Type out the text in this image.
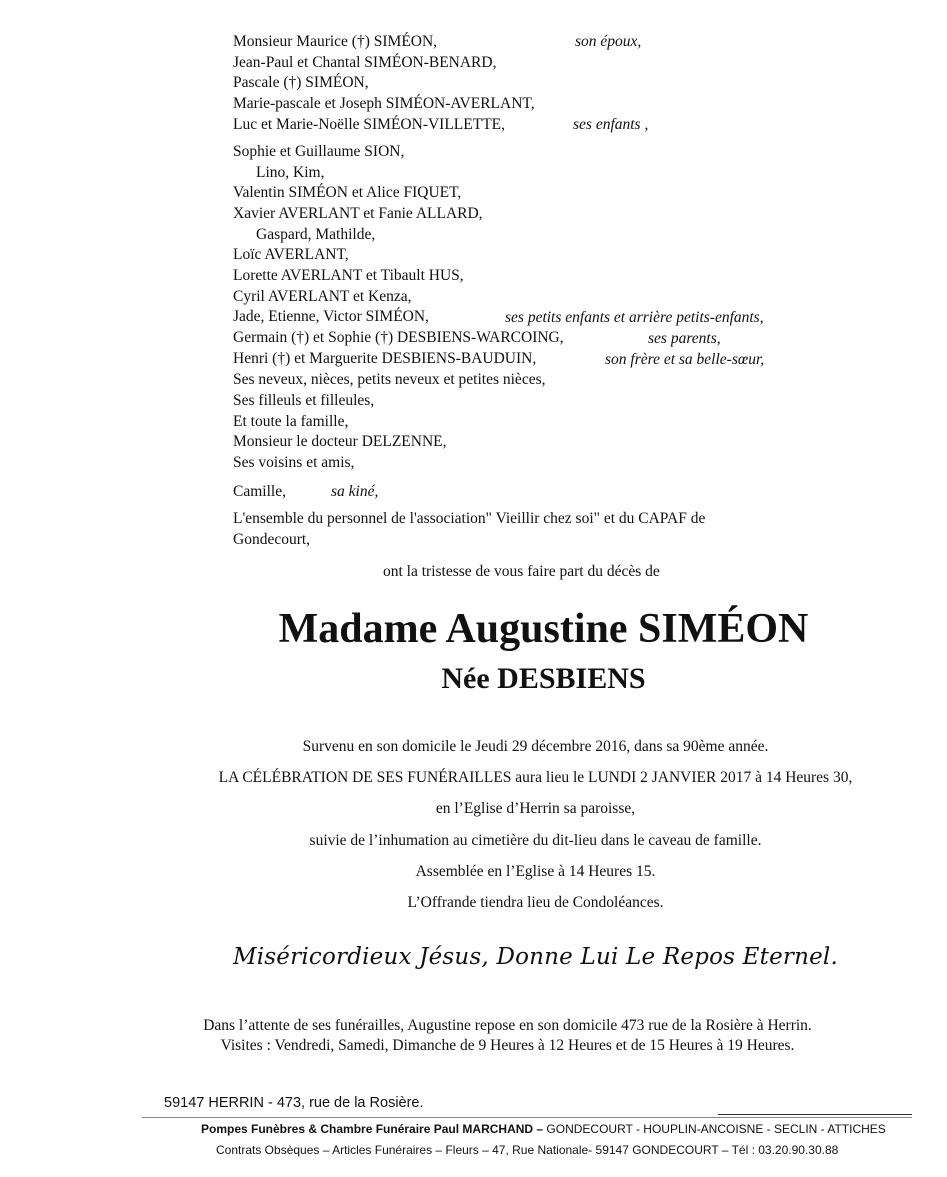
Monsieur Maurice (†) SIMÉON,	son époux,
Jean-Paul et Chantal SIMÉON-BENARD,
Pascale (†) SIMÉON,
Marie-pascale et Joseph SIMÉON-AVERLANT,
Luc et Marie-Noëlle SIMÉON-VILLETTE,	ses enfants ,
Sophie et Guillaume SION,
Lino, Kim,
Valentin SIMÉON et Alice FIQUET,
Xavier AVERLANT et Fanie ALLARD,
Gaspard, Mathilde,
Loïc AVERLANT,
Lorette AVERLANT et Tibault HUS,
Cyril AVERLANT et Kenza,
Jade, Etienne, Victor SIMÉON,	ses petits enfants et arrière petits-enfants,
Germain (†) et Sophie (†) DESBIENS-WARCOING,	ses parents,
Henri (†) et Marguerite DESBIENS-BAUDUIN,	son frère et sa belle-sœur,
Ses neveux, nièces, petits neveux et petites nièces,
Ses filleuls et filleules,
Et toute la famille,
Monsieur le docteur DELZENNE,
Ses voisins et amis,
Camille,	sa kiné,
L'ensemble du personnel de l'association" Vieillir chez soi" et du CAPAF de
Gondecourt,
ont la tristesse de vous faire part du décès de
Madame Augustine SIMÉON
Née DESBIENS
Survenu en son domicile le Jeudi 29 décembre 2016, dans sa 90ème année.
LA CÉLÉBRATION DE SES FUNÉRAILLES aura lieu le LUNDI 2 JANVIER 2017 à 14 Heures 30,
en l’Eglise d’Herrin sa paroisse,
suivie de l’inhumation au cimetière du dit-lieu dans le caveau de famille.
Assemblée en l’Eglise à 14 Heures 15.
L’Offrande tiendra lieu de Condoléances.
Miséricordieux Jésus, Donne Lui Le Repos Eternel.
Dans l’attente de ses funérailles, Augustine repose en son domicile 473 rue de la Rosière à Herrin.
Visites : Vendredi, Samedi, Dimanche de 9 Heures à 12 Heures et de 15 Heures à 19 Heures.
59147 HERRIN - 473, rue de la Rosière.
Pompes Funèbres & Chambre Funéraire Paul MARCHAND – GONDECOURT - HOUPLIN-ANCOISNE - SECLIN - ATTICHES
Contrats Obsèques – Articles Funéraires – Fleurs – 47, Rue Nationale- 59147 GONDECOURT – Tél : 03.20.90.30.88
